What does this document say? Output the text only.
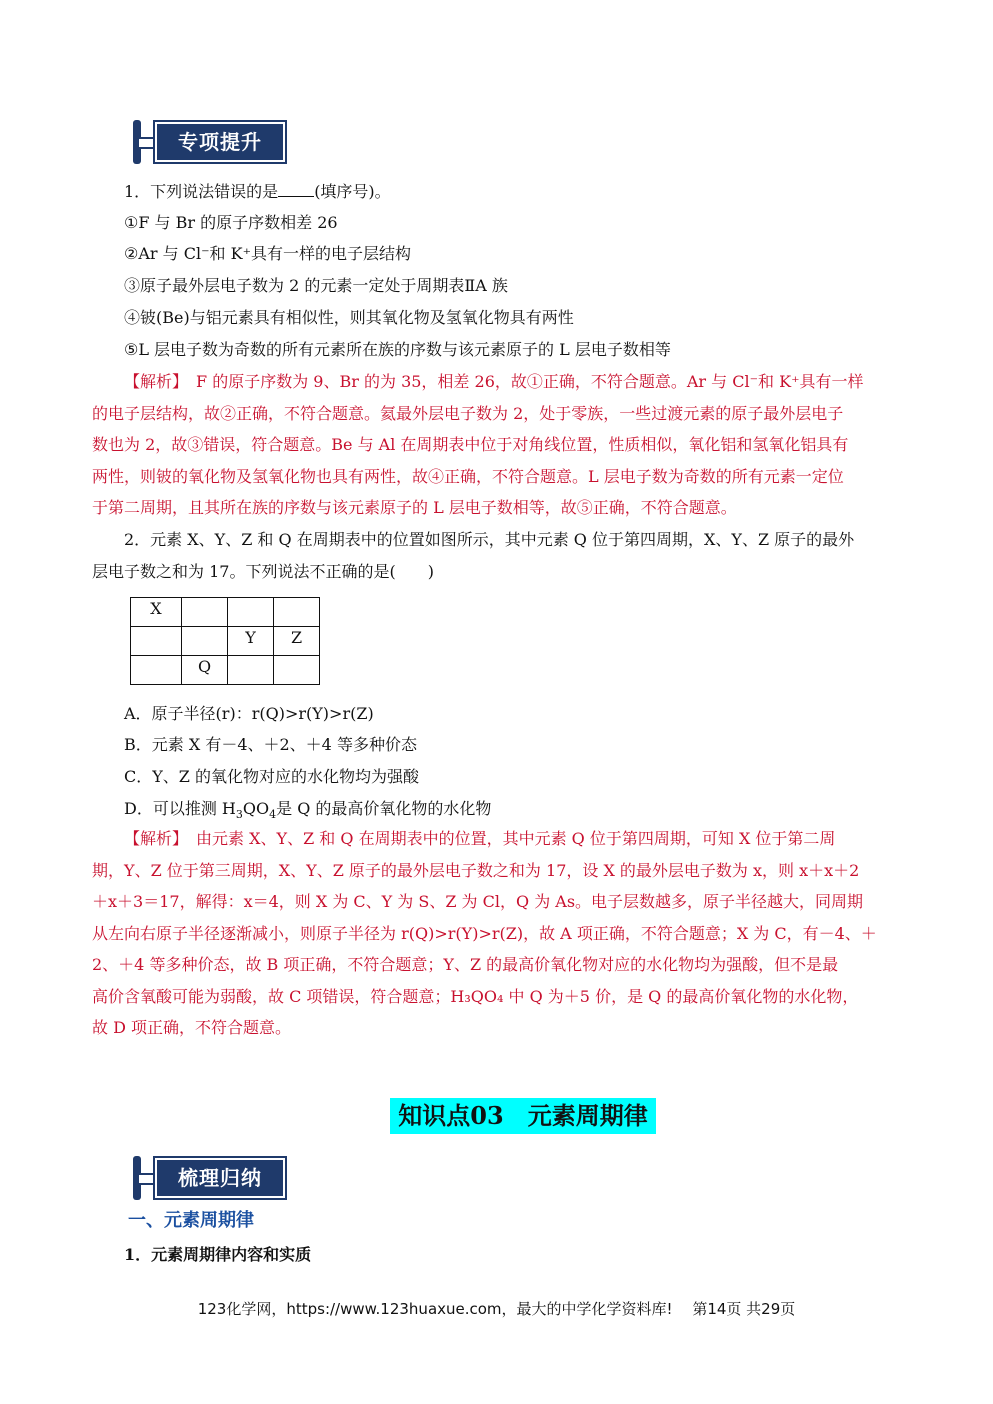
专项提升
1．下列说法错误的是 (填序号)。
①F 与 Br 的原子序数相差 26
②Ar 与 Cl⁻和 K⁺具有一样的电子层结构
③原子最外层电子数为 2 的元素一定处于周期表ⅡA 族
④铍(Be)与铝元素具有相似性，则其氧化物及氢氧化物具有两性
⑤L 层电子数为奇数的所有元素所在族的序数与该元素原子的 L 层电子数相等
【解析】　 F 的原子序数为 9、Br 的为 35，相差 26，故①正确，不符合题意。Ar 与 Cl⁻和 K⁺具有一样
的电子层结构，故②正确，不符合题意。氦最外层电子数为 2，处于零族，一些过渡元素的原子最外层电子
数也为 2，故③错误，符合题意。Be 与 Al 在周期表中位于对角线位置，性质相似，氧化铝和氢氧化铝具有
两性，则铍的氧化物及氢氧化物也具有两性，故④正确，不符合题意。L 层电子数为奇数的所有元素一定位
于第二周期，且其所在族的序数与该元素原子的 L 层电子数相等，故⑤正确，不符合题意。
2．元素 X、Y、Z 和 Q 在周期表中的位置如图所示，其中元素 Q 位于第四周期，X、Y、Z 原子的最外
层电子数之和为 17。下列说法不正确的是(　　)
X			
		Y	Z
	Q		
A．原子半径(r)：r(Q)>r(Y)>r(Z)
B．元素 X 有－4、＋2、＋4 等多种价态
C．Y、Z 的氧化物对应的水化物均为强酸
D．可以推测 $H_3QO_4$是 Q 的最高价氧化物的水化物
【解析】　 由元素 X、Y、Z 和 Q 在周期表中的位置，其中元素 Q 位于第四周期，可知 X 位于第二周
期，Y、Z 位于第三周期，X、Y、Z 原子的最外层电子数之和为 17，设 X 的最外层电子数为 x，则 x＋x＋2
＋x＋3＝17，解得：x＝4，则 X 为 C、Y 为 S、Z 为 Cl，Q 为 As。电子层数越多，原子半径越大，同周期
从左向右原子半径逐渐减小，则原子半径为 r(Q)>r(Y)>r(Z)，故 A 项正确，不符合题意；X 为 C，有－4、＋
2、＋4 等多种价态，故 B 项正确，不符合题意；Y、Z 的最高价氧化物对应的水化物均为强酸，但不是最
高价含氧酸可能为弱酸，故 C 项错误，符合题意；H₃QO₄ 中 Q 为＋5 价，是 Q 的最高价氧化物的水化物，
故 D 项正确，不符合题意。
知识点03　元素周期律
梳理归纳
一、元素周期律
1．元素周期律内容和实质
123化学网，https://www.123huaxue.com，最大的中学化学资料库!　 第14页 共29页
